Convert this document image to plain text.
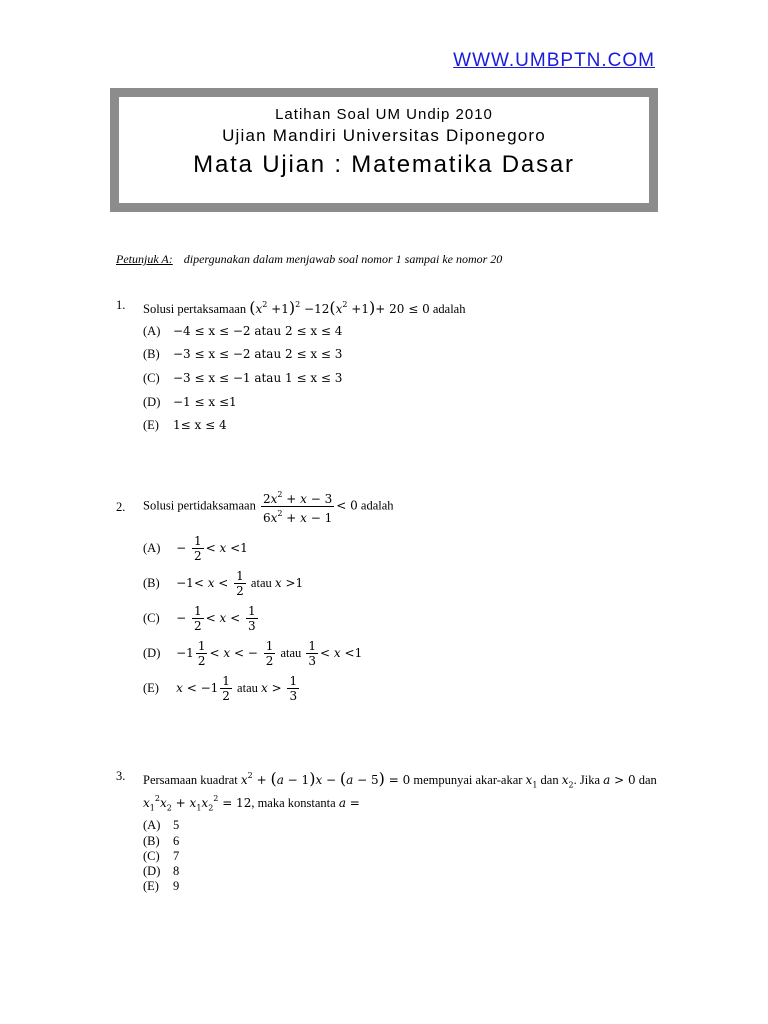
WWW.UMBPTN.COM
Latihan Soal UM Undip 2010
Ujian Mandiri Universitas Diponegoro
Mata Ujian : Matematika Dasar
Petunjuk A: dipergunakan dalam menjawab soal nomor 1 sampai ke nomor 20
1. Solusi pertaksamaan $(x^2 +1)^2 -12(x^2 +1)+ 20 \le 0$ adalah
(A) −4 ≤ x ≤ −2 atau 2 ≤ x ≤ 4
(B) −3 ≤ x ≤ −2 atau 2 ≤ x ≤ 3
(C) −3 ≤ x ≤ −1 atau 1 ≤ x ≤ 3
(D) −1 ≤ x ≤1
(E) 1≤ x ≤ 4
2. Solusi pertidaksamaan $\frac{2x^2 + x - 3}{6x^2 + x - 1} < 0$ adalah
$(A) - \frac{1}{2} < x <1$
$(B) -1< x < \frac{1}{2}$ atau x >1
$(C) - \frac{1}{2} < x < \frac{1}{3}$
$(D) -1 \frac{1}{2} < x$ < − $\frac{1}{2}$ atau $\frac{1}{3} < x <1$
(E) $x < -1 \frac{1}{2}$ atau $x > \frac{1}{3}$
3. Persamaan kuadrat $x^2 + (a - 1)x - (a - 5) = 0$ mempunyai akar-akar $x_1$ dan $x_2$. Jika a > 0 dan
$x_1^2x_2 + x_1x_2^2 = 12$, maka konstanta a =
(A) 5
(B) 6
(C) 7
(D) 8
(E) 9
